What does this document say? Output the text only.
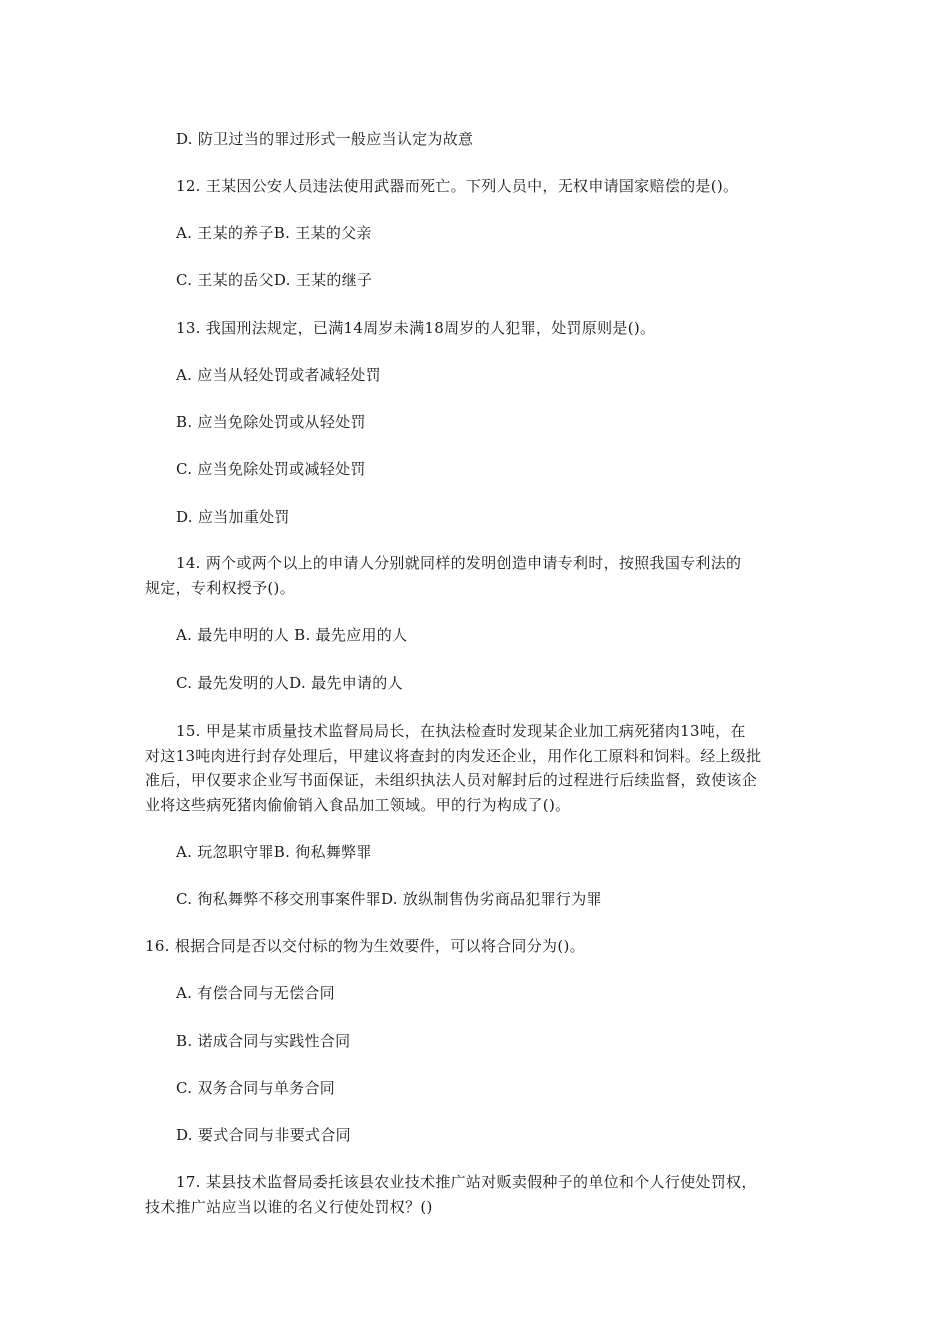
D. 防卫过当的罪过形式一般应当认定为故意
12. 王某因公安人员违法使用武器而死亡。下列人员中，无权申请国家赔偿的是()。
A. 王某的养子B. 王某的父亲
C. 王某的岳父D. 王某的继子
13. 我国刑法规定，已满14周岁未满18周岁的人犯罪，处罚原则是()。
A. 应当从轻处罚或者减轻处罚
B. 应当免除处罚或从轻处罚
C. 应当免除处罚或减轻处罚
D. 应当加重处罚
14. 两个或两个以上的申请人分别就同样的发明创造申请专利时，按照我国专利法的
规定，专利权授予()。
A. 最先申明的人 B. 最先应用的人
C. 最先发明的人D. 最先申请的人
15. 甲是某市质量技术监督局局长，在执法检查时发现某企业加工病死猪肉13吨，在
对这13吨肉进行封存处理后，甲建议将查封的肉发还企业，用作化工原料和饲料。经上级批
准后，甲仅要求企业写书面保证，未组织执法人员对解封后的过程进行后续监督，致使该企
业将这些病死猪肉偷偷销入食品加工领域。甲的行为构成了()。
A. 玩忽职守罪B. 徇私舞弊罪
C. 徇私舞弊不移交刑事案件罪D. 放纵制售伪劣商品犯罪行为罪
16. 根据合同是否以交付标的物为生效要件，可以将合同分为()。
A. 有偿合同与无偿合同
B. 诺成合同与实践性合同
C. 双务合同与单务合同
D. 要式合同与非要式合同
17. 某县技术监督局委托该县农业技术推广站对贩卖假种子的单位和个人行使处罚权，
技术推广站应当以谁的名义行使处罚权？()
